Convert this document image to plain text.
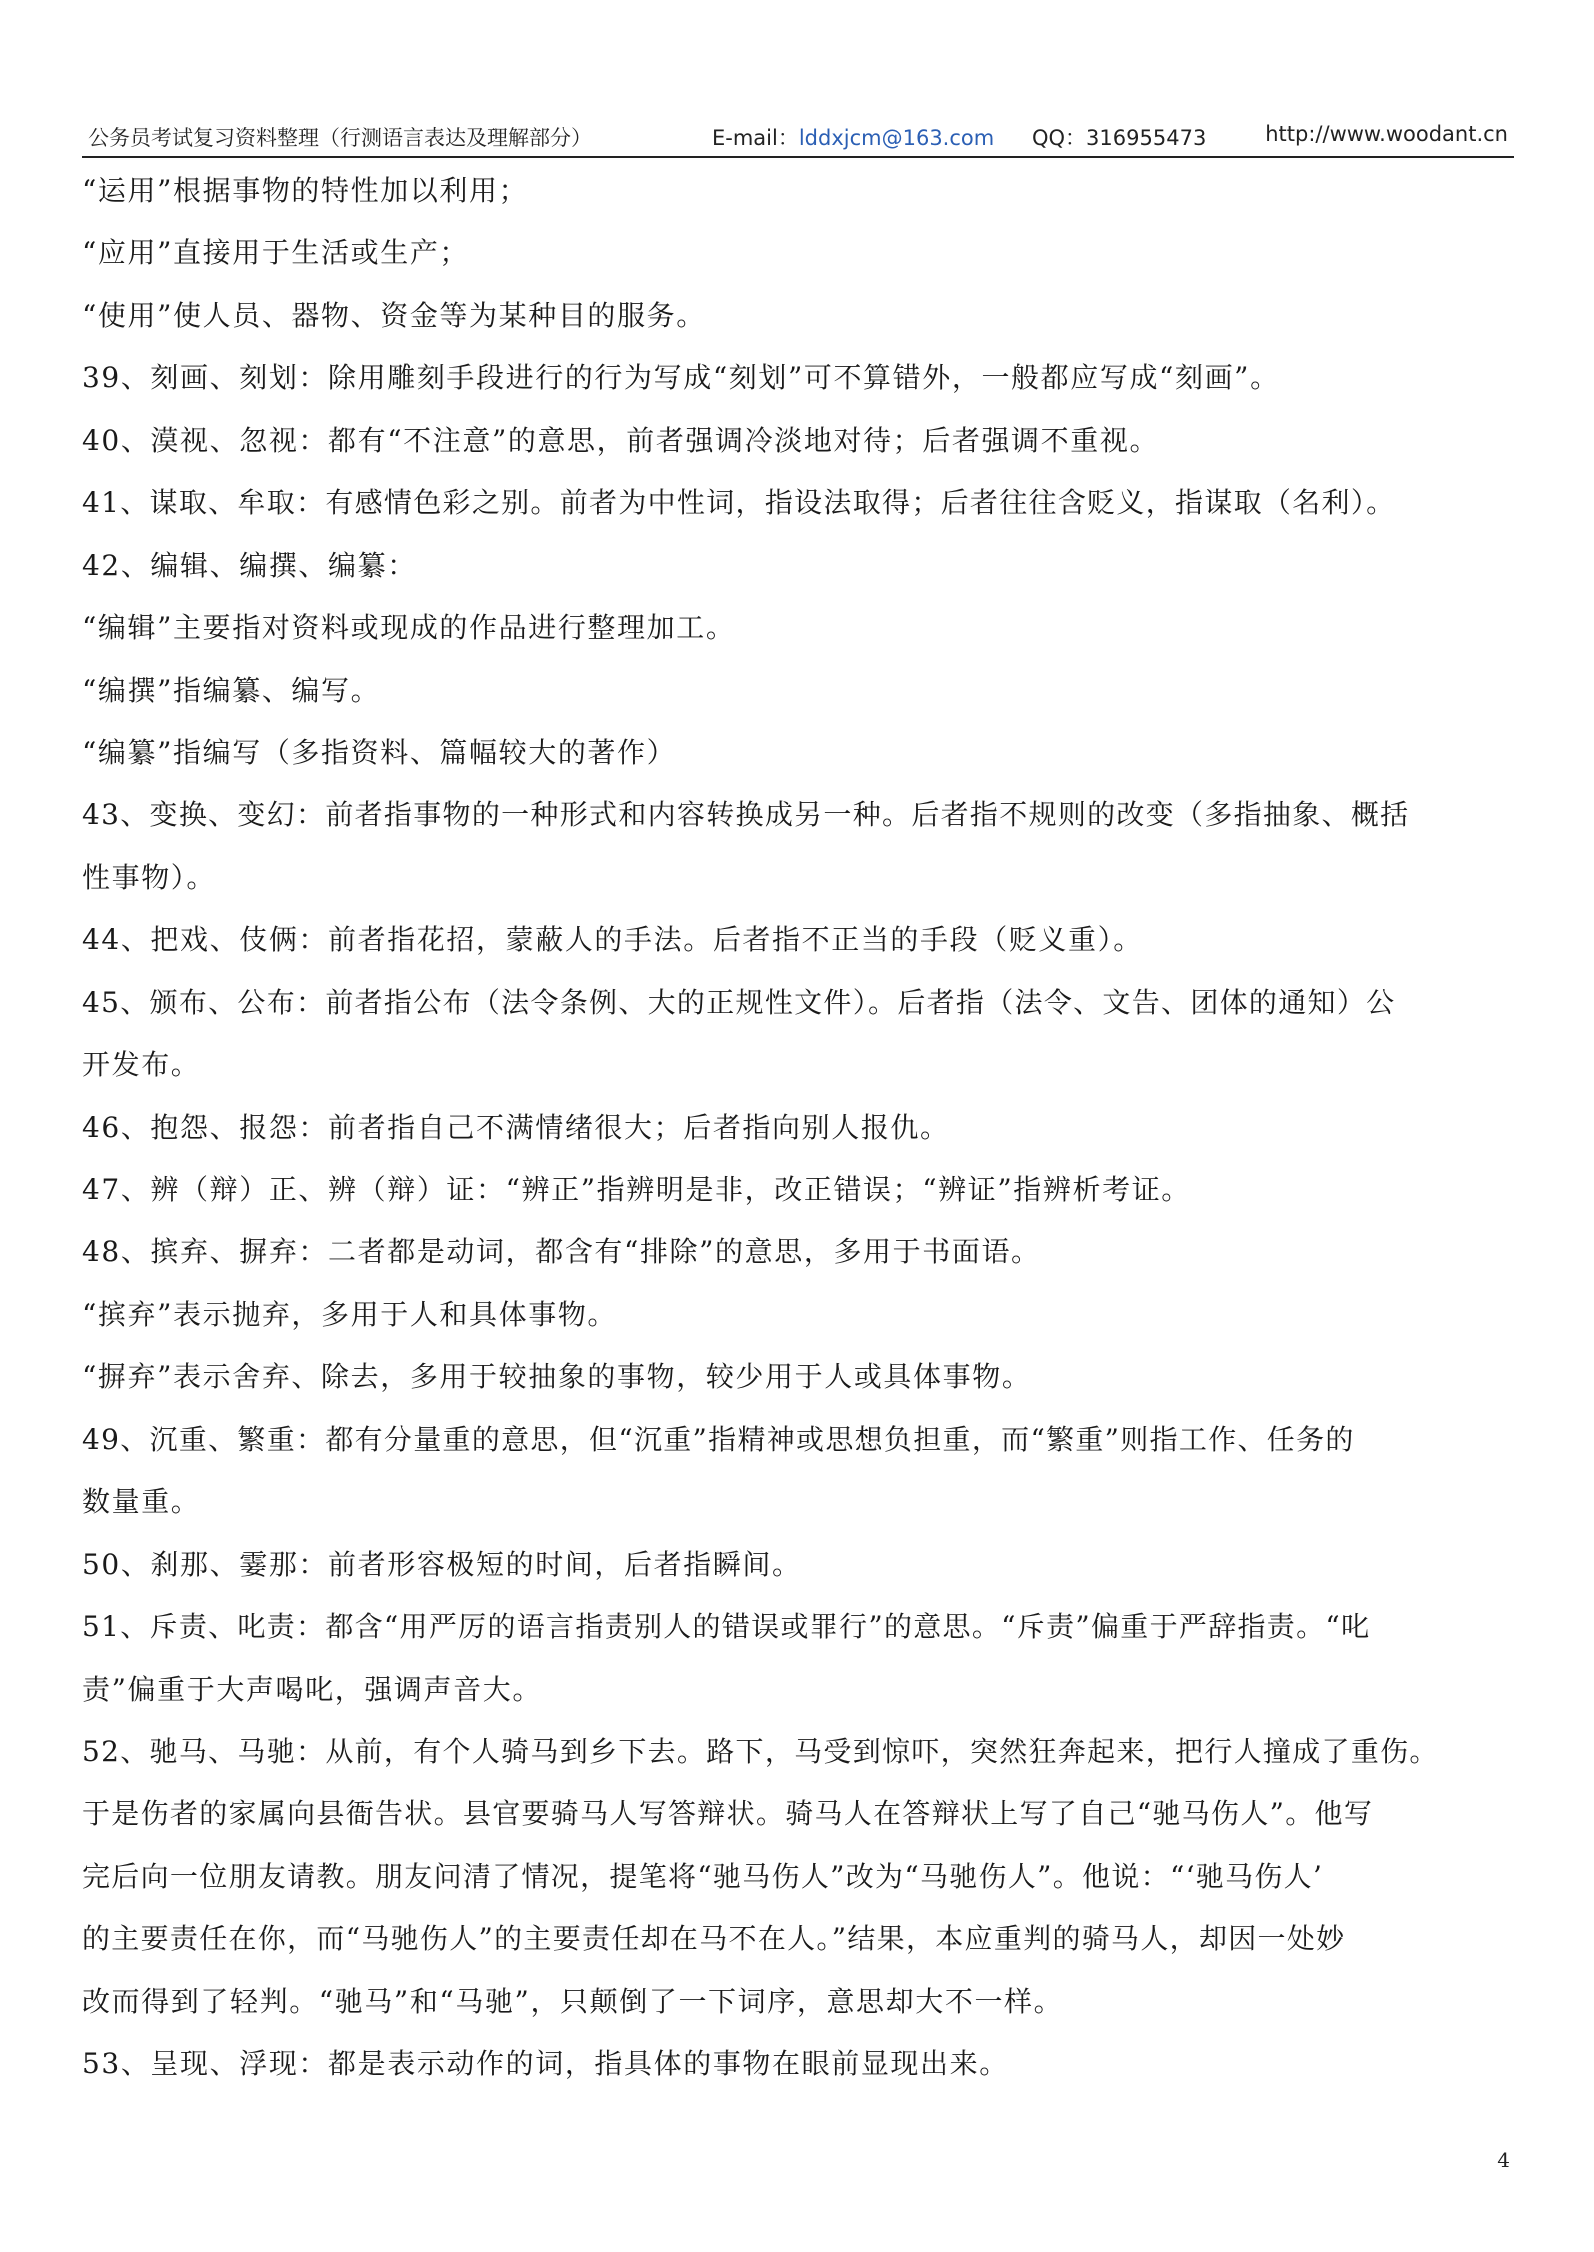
公务员考试复习资料整理（行测语言表达及理解部分）	E-mail：lddxjcm@163.com QQ：316955473	http://www.woodant.cn
“运用”根据事物的特性加以利用；
“应用”直接用于生活或生产；
“使用”使人员、器物、资金等为某种目的服务。
39、刻画、刻划：除用雕刻手段进行的行为写成“刻划”可不算错外，一般都应写成“刻画”。
40、漠视、忽视：都有“不注意”的意思，前者强调冷淡地对待；后者强调不重视。
41、谋取、牟取：有感情色彩之别。前者为中性词，指设法取得；后者往往含贬义，指谋取（名利）。
42、编辑、编撰、编纂：
“编辑”主要指对资料或现成的作品进行整理加工。
“编撰”指编纂、编写。
“编纂”指编写（多指资料、篇幅较大的著作）
43、变换、变幻：前者指事物的一种形式和内容转换成另一种。后者指不规则的改变（多指抽象、概括
性事物）。
44、把戏、伎俩：前者指花招，蒙蔽人的手法。后者指不正当的手段（贬义重）。
45、颁布、公布：前者指公布（法令条例、大的正规性文件）。后者指（法令、文告、团体的通知）公
开发布。
46、抱怨、报怨：前者指自己不满情绪很大；后者指向别人报仇。
47、辨（辩）正、辨（辩）证：“辨正”指辨明是非，改正错误；“辨证”指辨析考证。
48、摈弃、摒弃：二者都是动词，都含有“排除”的意思，多用于书面语。
“摈弃”表示抛弃，多用于人和具体事物。
“摒弃”表示舍弃、除去，多用于较抽象的事物，较少用于人或具体事物。
49、沉重、繁重：都有分量重的意思，但“沉重”指精神或思想负担重，而“繁重”则指工作、任务的
数量重。
50、刹那、霎那：前者形容极短的时间，后者指瞬间。
51、斥责、叱责：都含“用严厉的语言指责别人的错误或罪行”的意思。“斥责”偏重于严辞指责。“叱
责”偏重于大声喝叱，强调声音大。
52、驰马、马驰：从前，有个人骑马到乡下去。路下，马受到惊吓，突然狂奔起来，把行人撞成了重伤。
于是伤者的家属向县衙告状。县官要骑马人写答辩状。骑马人在答辩状上写了自己“驰马伤人”。他写
完后向一位朋友请教。朋友问清了情况，提笔将“驰马伤人”改为“马驰伤人”。他说：“‘驰马伤人’
的主要责任在你，而“马驰伤人”的主要责任却在马不在人。”结果，本应重判的骑马人，却因一处妙
改而得到了轻判。“驰马”和“马驰”，只颠倒了一下词序，意思却大不一样。
53、呈现、浮现：都是表示动作的词，指具体的事物在眼前显现出来。
4
